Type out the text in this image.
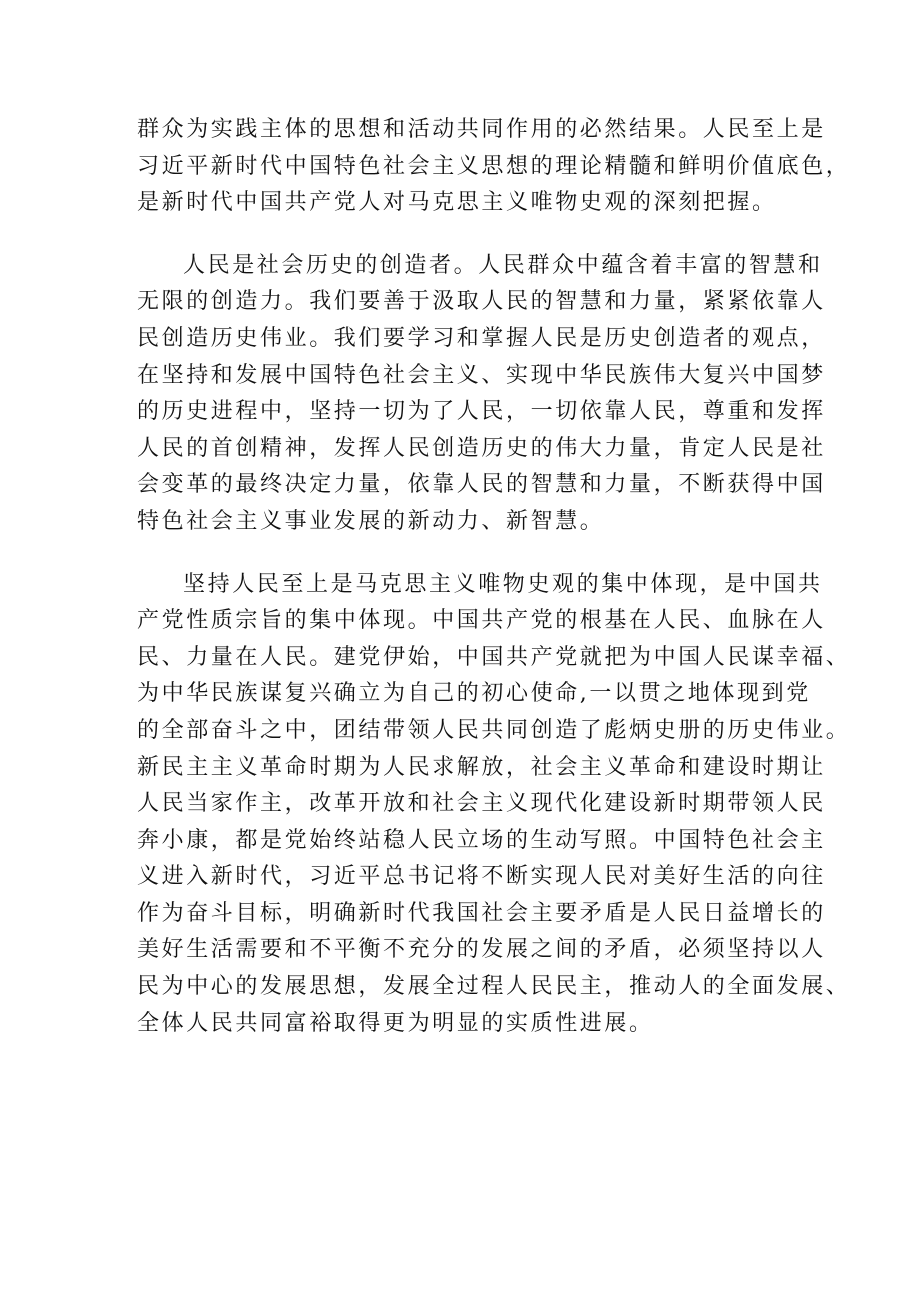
群众为实践主体的思想和活动共同作用的必然结果。人民至上是
习近平新时代中国特色社会主义思想的理论精髓和鲜明价值底色，
是新时代中国共产党人对马克思主义唯物史观的深刻把握。
人民是社会历史的创造者。人民群众中蕴含着丰富的智慧和
无限的创造力。我们要善于汲取人民的智慧和力量，紧紧依靠人
民创造历史伟业。我们要学习和掌握人民是历史创造者的观点，
在坚持和发展中国特色社会主义、实现中华民族伟大复兴中国梦
的历史进程中，坚持一切为了人民，一切依靠人民，尊重和发挥
人民的首创精神，发挥人民创造历史的伟大力量，肯定人民是社
会变革的最终决定力量，依靠人民的智慧和力量，不断获得中国
特色社会主义事业发展的新动力、新智慧。
坚持人民至上是马克思主义唯物史观的集中体现，是中国共
产党性质宗旨的集中体现。中国共产党的根基在人民、血脉在人
民、力量在人民。建党伊始，中国共产党就把为中国人民谋幸福、
为中华民族谋复兴确立为自己的初心使命,一以贯之地体现到党
的全部奋斗之中，团结带领人民共同创造了彪炳史册的历史伟业。
新民主主义革命时期为人民求解放，社会主义革命和建设时期让
人民当家作主，改革开放和社会主义现代化建设新时期带领人民
奔小康，都是党始终站稳人民立场的生动写照。中国特色社会主
义进入新时代，习近平总书记将不断实现人民对美好生活的向往
作为奋斗目标，明确新时代我国社会主要矛盾是人民日益增长的
美好生活需要和不平衡不充分的发展之间的矛盾，必须坚持以人
民为中心的发展思想，发展全过程人民民主，推动人的全面发展、
全体人民共同富裕取得更为明显的实质性进展。
